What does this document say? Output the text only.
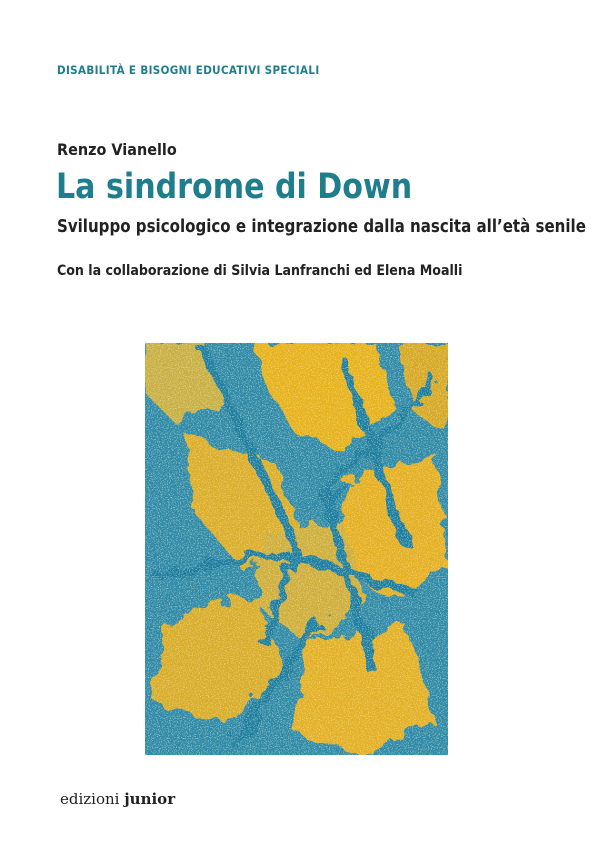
DISABILITÀ E BISOGNI EDUCATIVI SPECIALI
Renzo Vianello
La sindrome di Down
Sviluppo psicologico e integrazione dalla nascita all’età senile
Con la collaborazione di Silvia Lanfranchi ed Elena Moalli
edizioni junior
